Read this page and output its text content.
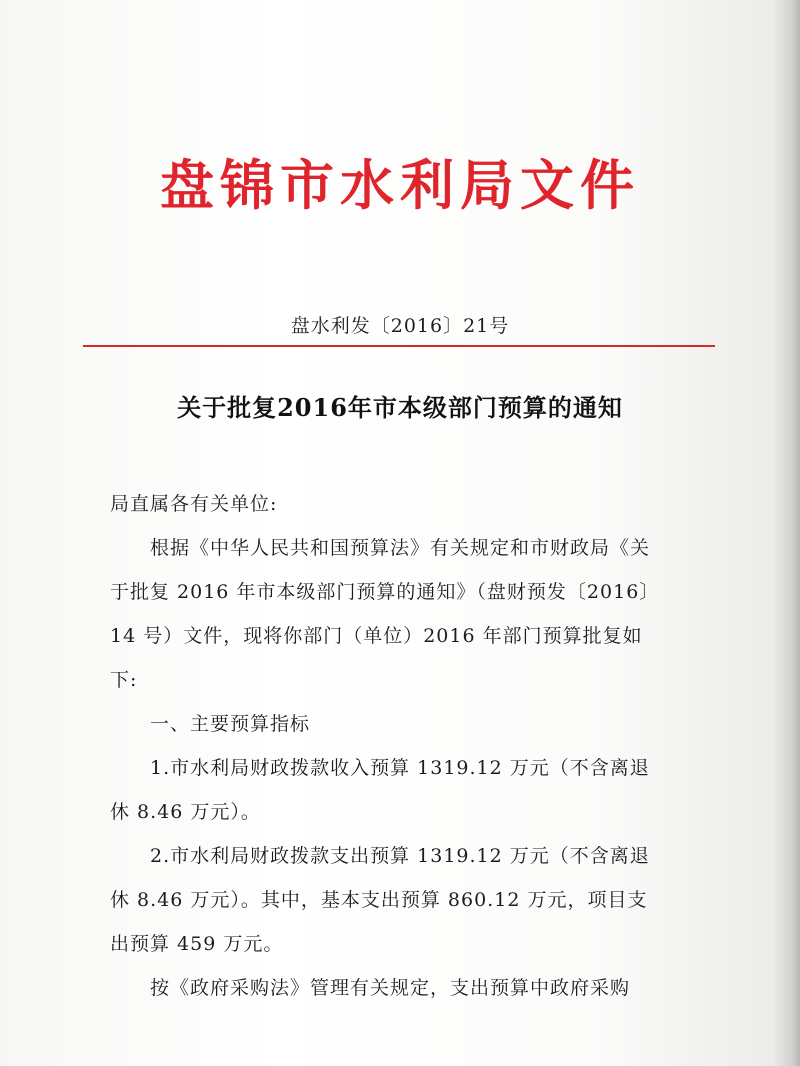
盘锦市水利局文件
盘水利发〔2016〕21号
关于批复2016年市本级部门预算的通知
局直属各有关单位:
　　根据《中华人民共和国预算法》有关规定和市财政局《关
于批复 2016 年市本级部门预算的通知》（盘财预发〔2016〕
14 号）文件，现将你部门（单位）2016 年部门预算批复如
下:
　　一、主要预算指标
　　1.市水利局财政拨款收入预算 1319.12 万元（不含离退
休 8.46 万元）。
　　2.市水利局财政拨款支出预算 1319.12 万元（不含离退
休 8.46 万元）。其中，基本支出预算 860.12 万元，项目支
出预算 459 万元。
　　按《政府采购法》管理有关规定，支出预算中政府采购
